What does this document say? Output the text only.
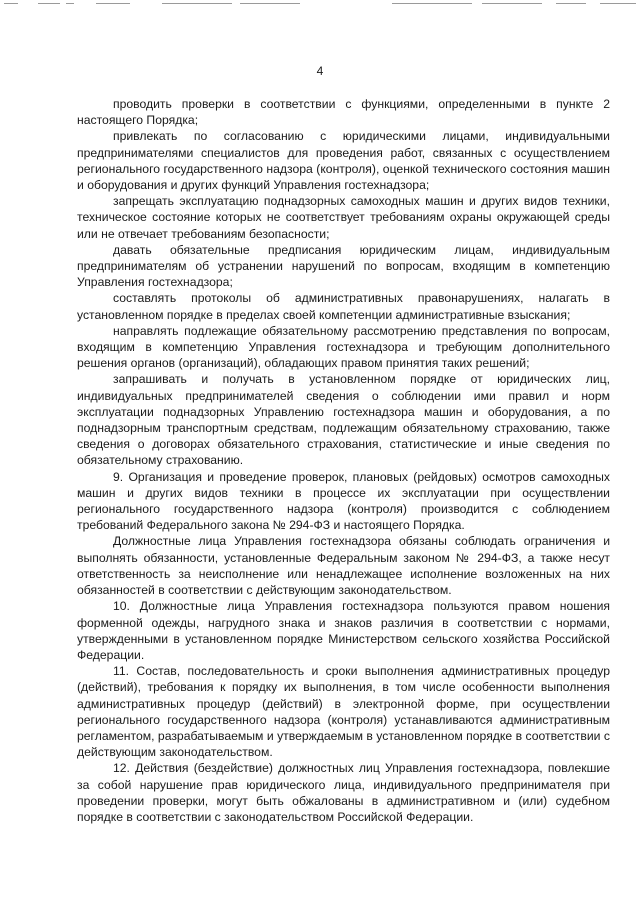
4

проводить проверки в соответствии с функциями, определенными в пункте 2 настоящего Порядка;

привлекать по согласованию с юридическими лицами, индивидуальными предпринимателями специалистов для проведения работ, связанных с осуществлением регионального государственного надзора (контроля), оценкой технического состояния машин и оборудования и других функций Управления гостехнадзора;

запрещать эксплуатацию поднадзорных самоходных машин и других видов техники, техническое состояние которых не соответствует требованиям охраны окружающей среды или не отвечает требованиям безопасности;

давать обязательные предписания юридическим лицам, индивидуальным предпринимателям об устранении нарушений по вопросам, входящим в компетенцию Управления гостехнадзора;

составлять протоколы об административных правонарушениях, налагать в установленном порядке в пределах своей компетенции административные взыскания;

направлять подлежащие обязательному рассмотрению представления по вопросам, входящим в компетенцию Управления гостехнадзора и требующим дополнительного решения органов (организаций), обладающих правом принятия таких решений;

запрашивать и получать в установленном порядке от юридических лиц, индивидуальных предпринимателей сведения о соблюдении ими правил и норм эксплуатации поднадзорных Управлению гостехнадзора машин и оборудования, а по поднадзорным транспортным средствам, подлежащим обязательному страхованию, также сведения о договорах обязательного страхования, статистические и иные сведения по обязательному страхованию.

9. Организация и проведение проверок, плановых (рейдовых) осмотров самоходных машин и других видов техники в процессе их эксплуатации при осуществлении регионального государственного надзора (контроля) производится с соблюдением требований Федерального закона № 294-ФЗ и настоящего Порядка.

Должностные лица Управления гостехнадзора обязаны соблюдать ограничения и выполнять обязанности, установленные Федеральным законом № 294-ФЗ, а также несут ответственность за неисполнение или ненадлежащее исполнение возложенных на них обязанностей в соответствии с действующим законодательством.

10. Должностные лица Управления гостехнадзора пользуются правом ношения форменной одежды, нагрудного знака и знаков различия в соответствии с нормами, утвержденными в установленном порядке Министерством сельского хозяйства Российской Федерации.

11. Состав, последовательность и сроки выполнения административных процедур (действий), требования к порядку их выполнения, в том числе особенности выполнения административных процедур (действий) в электронной форме, при осуществлении регионального государственного надзора (контроля) устанавливаются административным регламентом, разрабатываемым и утверждаемым в установленном порядке в соответствии с действующим законодательством.

12. Действия (бездействие) должностных лиц Управления гостехнадзора, повлекшие за собой нарушение прав юридического лица, индивидуального предпринимателя при проведении проверки, могут быть обжалованы в административном и (или) судебном порядке в соответствии с законодательством Российской Федерации.
